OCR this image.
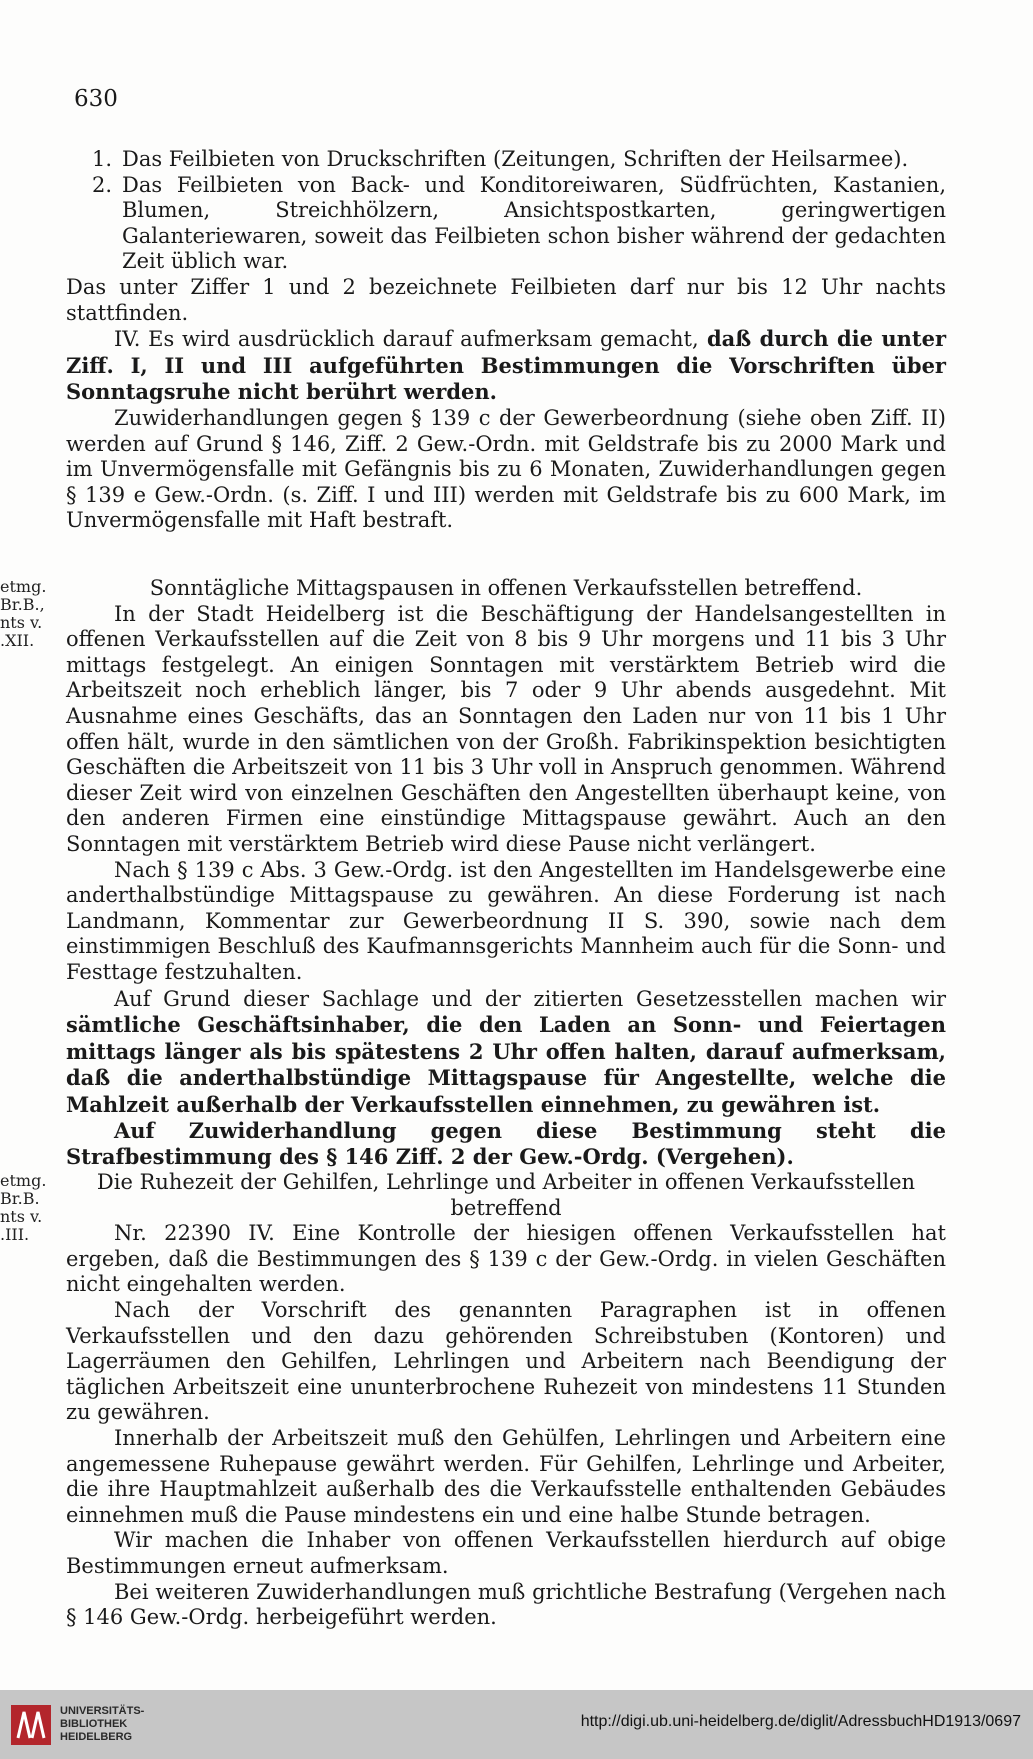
630
1. Das Feilbieten von Druckschriften (Zeitungen, Schriften der Heilsarmee).
2. Das Feilbieten von Back- und Konditoreiwaren, Südfrüchten, Kastanien, Blumen, Streichhölzern, Ansichtspostkarten, geringwertigen Galanteriewaren, soweit das Feilbieten schon bisher während der gedachten Zeit üblich war.

Das unter Ziffer 1 und 2 bezeichnete Feilbieten darf nur bis 12 Uhr nachts stattfinden.

IV. Es wird ausdrücklich darauf aufmerksam gemacht, daß durch die unter Ziff. I, II und III aufgeführten Bestimmungen die Vorschriften über Sonntagsruhe nicht berührt werden.

Zuwiderhandlungen gegen § 139 c der Gewerbeordnung (siehe oben Ziff. II) werden auf Grund § 146, Ziff. 2 Gew.-Ordn. mit Geldstrafe bis zu 2000 Mark und im Unvermögensfalle mit Gefängnis bis zu 6 Monaten, Zuwiderhandlungen gegen § 139 e Gew.-Ordn. (s. Ziff. I und III) werden mit Geldstrafe bis zu 600 Mark, im Unvermögensfalle mit Haft bestraft.

etmg.
Br.B.,
nts v.
.XII.

Sonntägliche Mittagspausen in offenen Verkaufsstellen betreffend.

In der Stadt Heidelberg ist die Beschäftigung der Handelsangestellten in offenen Verkaufsstellen auf die Zeit von 8 bis 9 Uhr morgens und 11 bis 3 Uhr mittags festgelegt. An einigen Sonntagen mit verstärktem Betrieb wird die Arbeitszeit noch erheblich länger, bis 7 oder 9 Uhr abends ausgedehnt. Mit Ausnahme eines Geschäfts, das an Sonntagen den Laden nur von 11 bis 1 Uhr offen hält, wurde in den sämtlichen von der Großh. Fabrikinspektion besichtigten Geschäften die Arbeitszeit von 11 bis 3 Uhr voll in Anspruch genommen. Während dieser Zeit wird von einzelnen Geschäften den Angestellten überhaupt keine, von den anderen Firmen eine einstündige Mittagspause gewährt. Auch an den Sonntagen mit verstärktem Betrieb wird diese Pause nicht verlängert.

Nach § 139 c Abs. 3 Gew.-Ordg. ist den Angestellten im Handelsgewerbe eine anderthalbstündige Mittagspause zu gewähren. An diese Forderung ist nach Landmann, Kommentar zur Gewerbeordnung II S. 390, sowie nach dem einstimmigen Beschluß des Kaufmannsgerichts Mannheim auch für die Sonn- und Festtage festzuhalten.

Auf Grund dieser Sachlage und der zitierten Gesetzesstellen machen wir sämtliche Geschäftsinhaber, die den Laden an Sonn- und Feiertagen mittags länger als bis spätestens 2 Uhr offen halten, darauf aufmerksam, daß die anderthalbstündige Mittagspause für Angestellte, welche die Mahlzeit außerhalb der Verkaufsstellen einnehmen, zu gewähren ist.

Auf Zuwiderhandlung gegen diese Bestimmung steht die Strafbestimmung des § 146 Ziff. 2 der Gew.-Ordg. (Vergehen).

etmg.
Br.B.
nts v.
.III.

Die Ruhezeit der Gehilfen, Lehrlinge und Arbeiter in offenen Verkaufsstellen betreffend

Nr. 22390 IV. Eine Kontrolle der hiesigen offenen Verkaufsstellen hat ergeben, daß die Bestimmungen des § 139 c der Gew.-Ordg. in vielen Geschäften nicht eingehalten werden.

Nach der Vorschrift des genannten Paragraphen ist in offenen Verkaufsstellen und den dazu gehörenden Schreibstuben (Kontoren) und Lagerräumen den Gehilfen, Lehrlingen und Arbeitern nach Beendigung der täglichen Arbeitszeit eine ununterbrochene Ruhezeit von mindestens 11 Stunden zu gewähren.

Innerhalb der Arbeitszeit muß den Gehülfen, Lehrlingen und Arbeitern eine angemessene Ruhepause gewährt werden. Für Gehilfen, Lehrlinge und Arbeiter, die ihre Hauptmahlzeit außerhalb des die Verkaufsstelle enthaltenden Gebäudes einnehmen muß die Pause mindestens ein und eine halbe Stunde betragen.

Wir machen die Inhaber von offenen Verkaufsstellen hierdurch auf obige Bestimmungen erneut aufmerksam.

Bei weiteren Zuwiderhandlungen muß grichtliche Bestrafung (Vergehen nach § 146 Gew.-Ordg. herbeigeführt werden.

UNIVERSITÄTS-
BIBLIOTHEK
HEIDELBERG
http://digi.ub.uni-heidelberg.de/diglit/AdressbuchHD1913/0697
